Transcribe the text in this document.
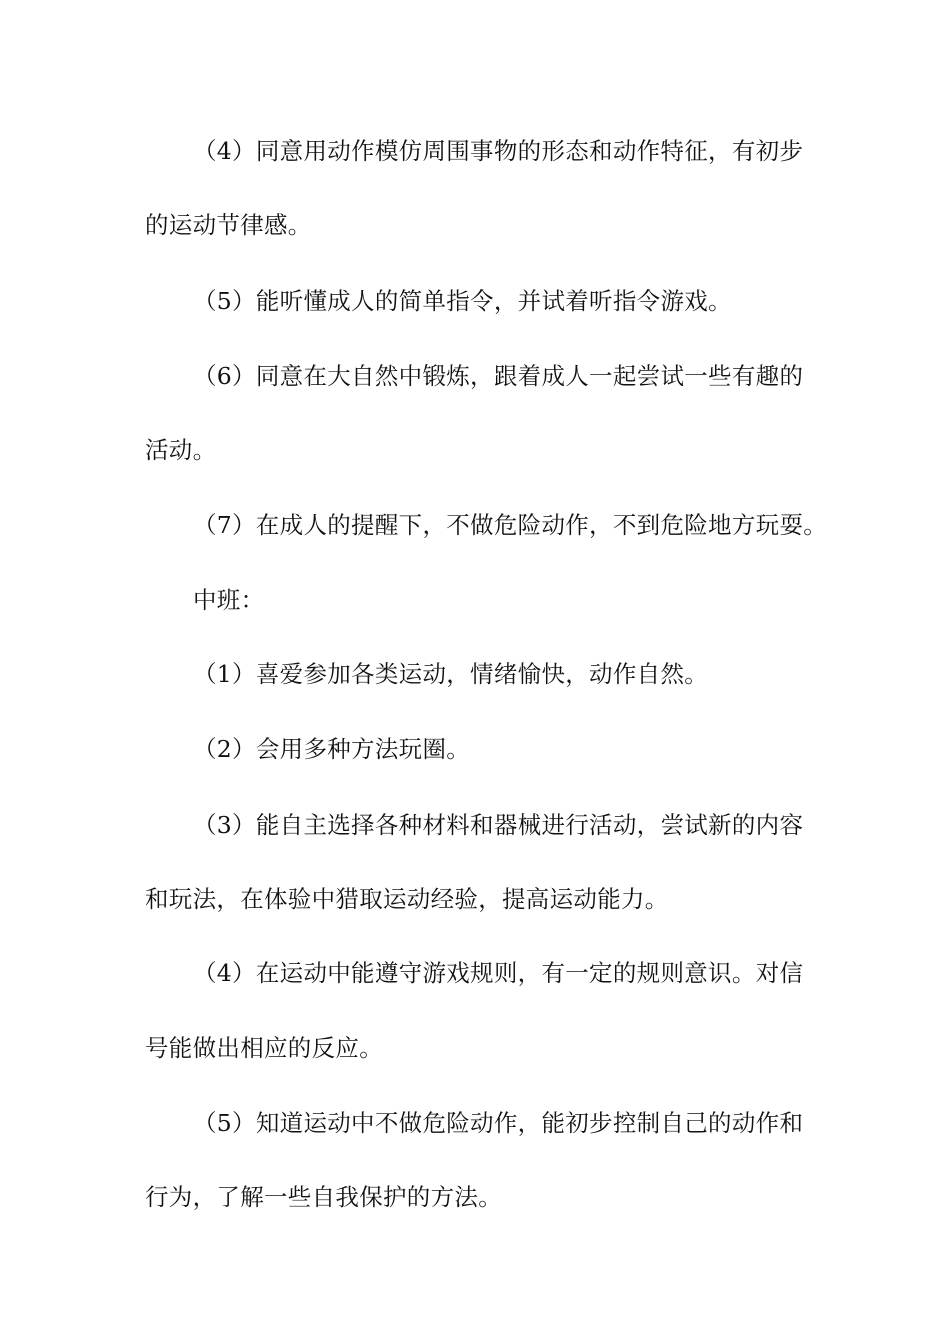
（4）同意用动作模仿周围事物的形态和动作特征，有初步
的运动节律感。
（5）能听懂成人的简单指令，并试着听指令游戏。
（6）同意在大自然中锻炼，跟着成人一起尝试一些有趣的
活动。
（7）在成人的提醒下，不做危险动作，不到危险地方玩耍。
中班：
（1）喜爱参加各类运动，情绪愉快，动作自然。
（2）会用多种方法玩圈。
（3）能自主选择各种材料和器械进行活动，尝试新的内容
和玩法，在体验中猎取运动经验，提高运动能力。
（4）在运动中能遵守游戏规则，有一定的规则意识。对信
号能做出相应的反应。
（5）知道运动中不做危险动作，能初步控制自己的动作和
行为，了解一些自我保护的方法。
